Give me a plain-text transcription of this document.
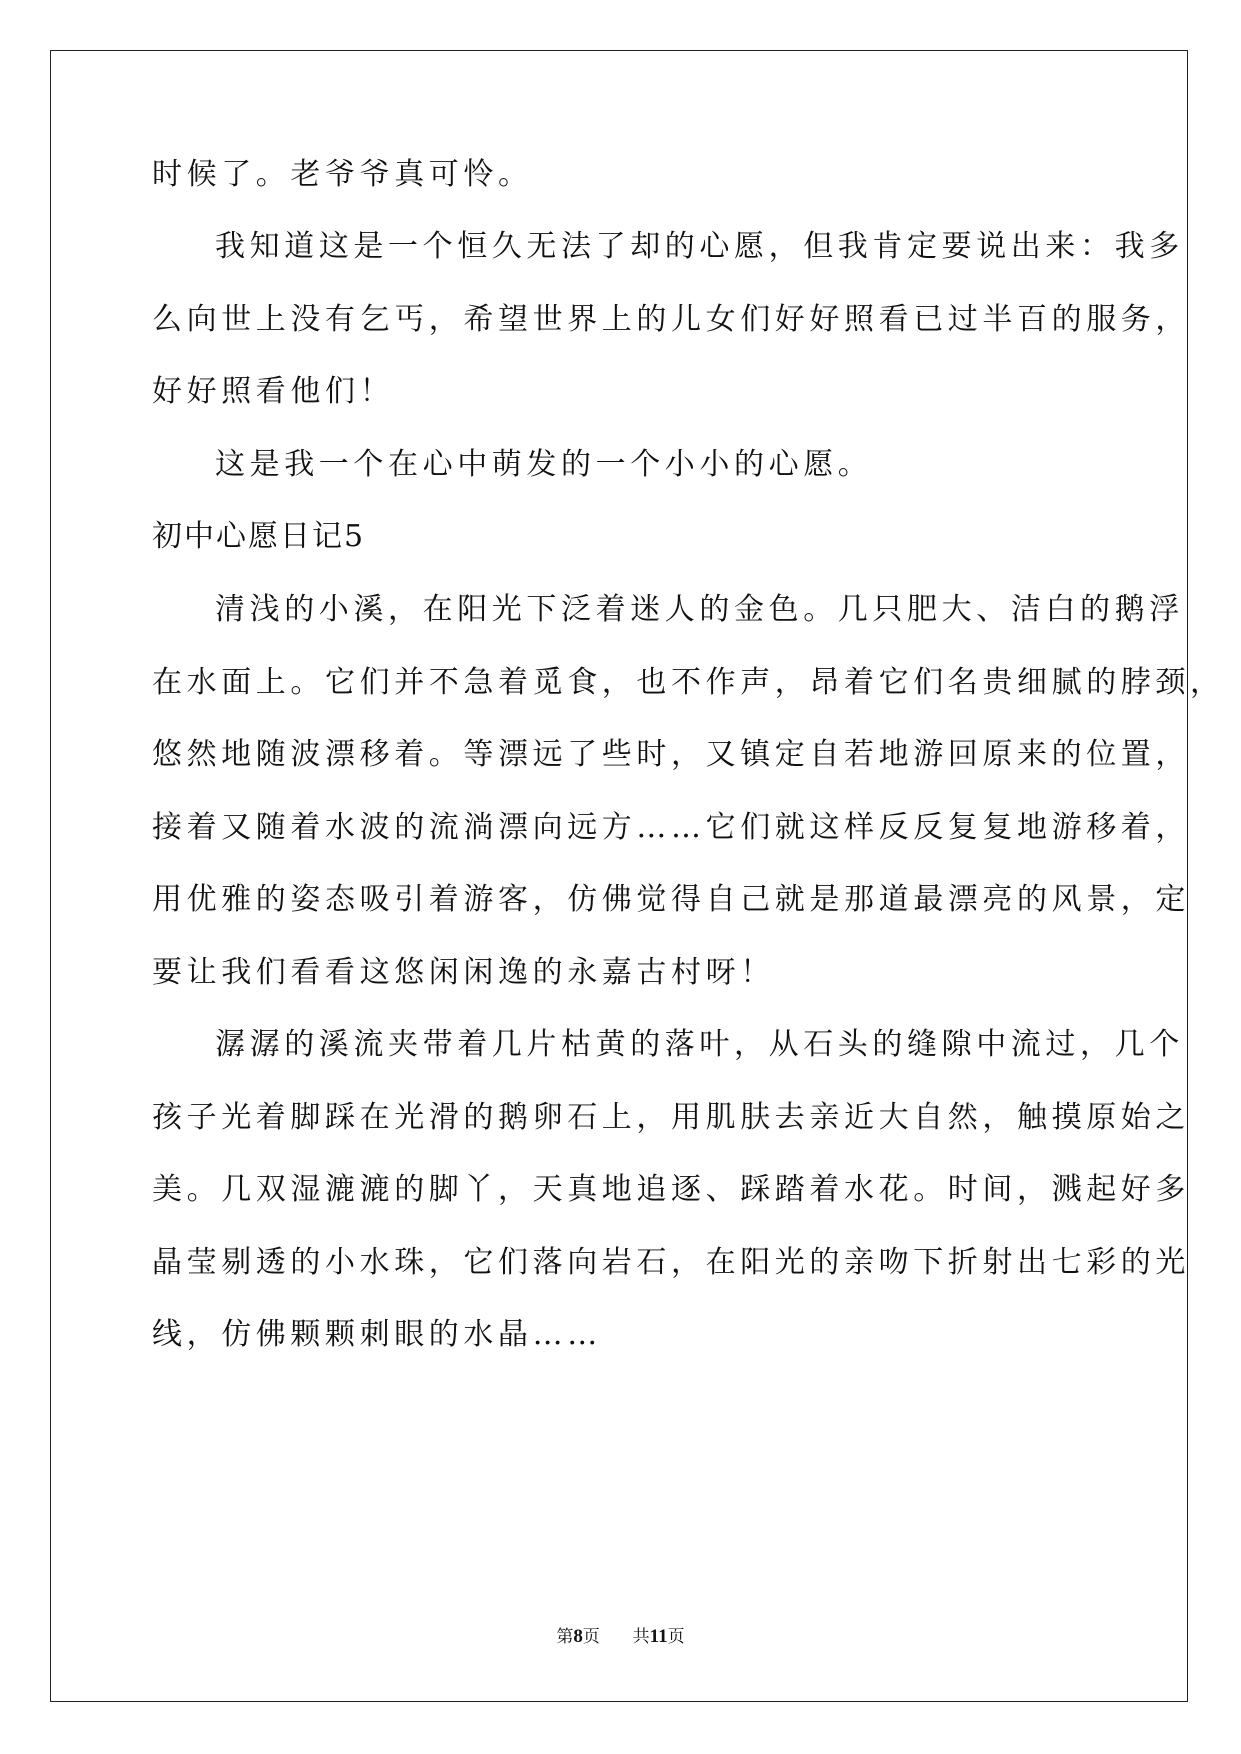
时候了。老爷爷真可怜。
我知道这是一个恒久无法了却的心愿，但我肯定要说出来：我多
么向世上没有乞丐，希望世界上的儿女们好好照看已过半百的服务，
好好照看他们！
这是我一个在心中萌发的一个小小的心愿。
初中心愿日记5
清浅的小溪，在阳光下泛着迷人的金色。几只肥大、洁白的鹅浮
在水面上。它们并不急着觅食，也不作声，昂着它们名贵细腻的脖颈，
悠然地随波漂移着。等漂远了些时，又镇定自若地游回原来的位置，
接着又随着水波的流淌漂向远方……它们就这样反反复复地游移着，
用优雅的姿态吸引着游客，仿佛觉得自己就是那道最漂亮的风景，定
要让我们看看这悠闲闲逸的永嘉古村呀！
潺潺的溪流夹带着几片枯黄的落叶，从石头的缝隙中流过，几个
孩子光着脚踩在光滑的鹅卵石上，用肌肤去亲近大自然，触摸原始之
美。几双湿漉漉的脚丫，天真地追逐、踩踏着水花。时间，溅起好多
晶莹剔透的小水珠，它们落向岩石，在阳光的亲吻下折射出七彩的光
线，仿佛颗颗刺眼的水晶……
第8页 共11页
